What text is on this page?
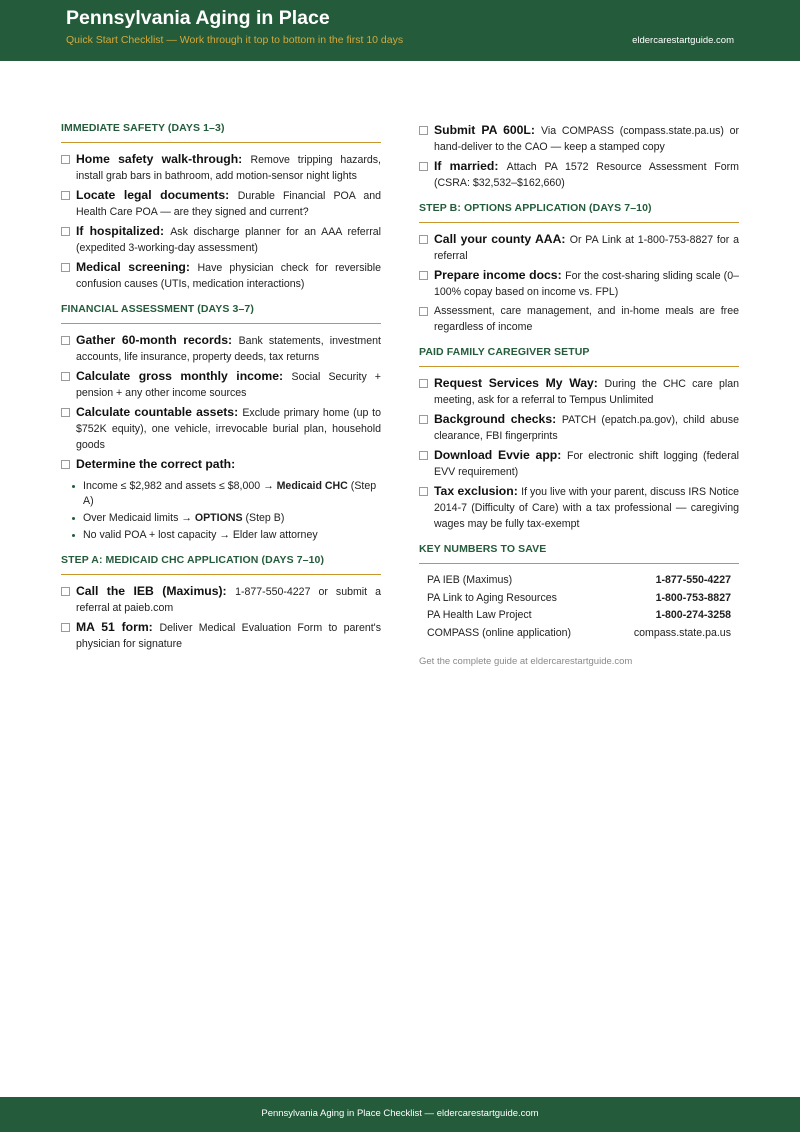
Pennsylvania Aging in Place
Quick Start Checklist — Work through it top to bottom in the first 10 days	eldercarestartguide.com
IMMEDIATE SAFETY (DAYS 1–3)
Home safety walk-through: Remove tripping hazards, install grab bars in bathroom, add motion-sensor night lights
Locate legal documents: Durable Financial POA and Health Care POA — are they signed and current?
If hospitalized: Ask discharge planner for an AAA referral (expedited 3-working-day assessment)
Medical screening: Have physician check for reversible confusion causes (UTIs, medication interactions)
FINANCIAL ASSESSMENT (DAYS 3–7)
Gather 60-month records: Bank statements, investment accounts, life insurance, property deeds, tax returns
Calculate gross monthly income: Social Security + pension + any other income sources
Calculate countable assets: Exclude primary home (up to $752K equity), one vehicle, irrevocable burial plan, household goods
Determine the correct path:
Income ≤ $2,982 and assets ≤ $8,000 → Medicaid CHC (Step A)
Over Medicaid limits → OPTIONS (Step B)
No valid POA + lost capacity → Elder law attorney
STEP A: MEDICAID CHC APPLICATION (DAYS 7–10)
Call the IEB (Maximus): 1-877-550-4227 or submit a referral at paieb.com
MA 51 form: Deliver Medical Evaluation Form to parent's physician for signature
Submit PA 600L: Via COMPASS (compass.state.pa.us) or hand-deliver to the CAO — keep a stamped copy
If married: Attach PA 1572 Resource Assessment Form (CSRA: $32,532–$162,660)
STEP B: OPTIONS APPLICATION (DAYS 7–10)
Call your county AAA: Or PA Link at 1-800-753-8827 for a referral
Prepare income docs: For the cost-sharing sliding scale (0–100% copay based on income vs. FPL)
Assessment, care management, and in-home meals are free regardless of income
PAID FAMILY CAREGIVER SETUP
Request Services My Way: During the CHC care plan meeting, ask for a referral to Tempus Unlimited
Background checks: PATCH (epatch.pa.gov), child abuse clearance, FBI fingerprints
Download Evvie app: For electronic shift logging (federal EVV requirement)
Tax exclusion: If you live with your parent, discuss IRS Notice 2014-7 (Difficulty of Care) with a tax professional — caregiving wages may be fully tax-exempt
KEY NUMBERS TO SAVE
PA IEB (Maximus)	1-877-550-4227
PA Link to Aging Resources	1-800-753-8827
PA Health Law Project	1-800-274-3258
COMPASS (online application)	compass.state.pa.us
Get the complete guide at eldercarestartguide.com
Pennsylvania Aging in Place Checklist — eldercarestartguide.com
